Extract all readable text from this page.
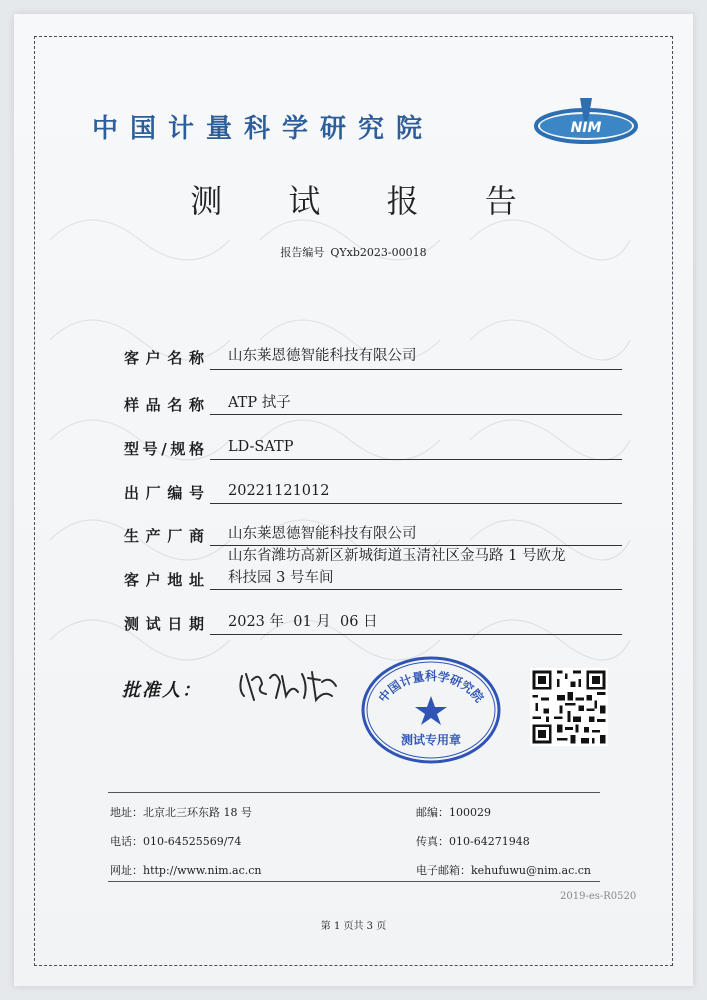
中国计量科学研究院	NIM
测 试 报 告
报告编号 QYxb2023-00018
客户名称 山东莱恩德智能科技有限公司
样品名称 ATP 拭子
型号/规格 LD-SATP
出厂编号 20221121012
生产厂商 山东莱恩德智能科技有限公司
客户地址
山东省潍坊高新区新城街道玉清社区金马路 1 号欧龙
科技园 3 号车间
测试日期 2023 年  01 月  06 日
批准人：	中国计量科学研究院
测试专用章
地址：北京北三环东路 18 号	邮编：100029
电话：010-64525569/74	传真：010-64271948
网址：http://www.nim.ac.cn	电子邮箱：kehufuwu@nim.ac.cn
2019-es-R0520
第 1 页共 3 页
